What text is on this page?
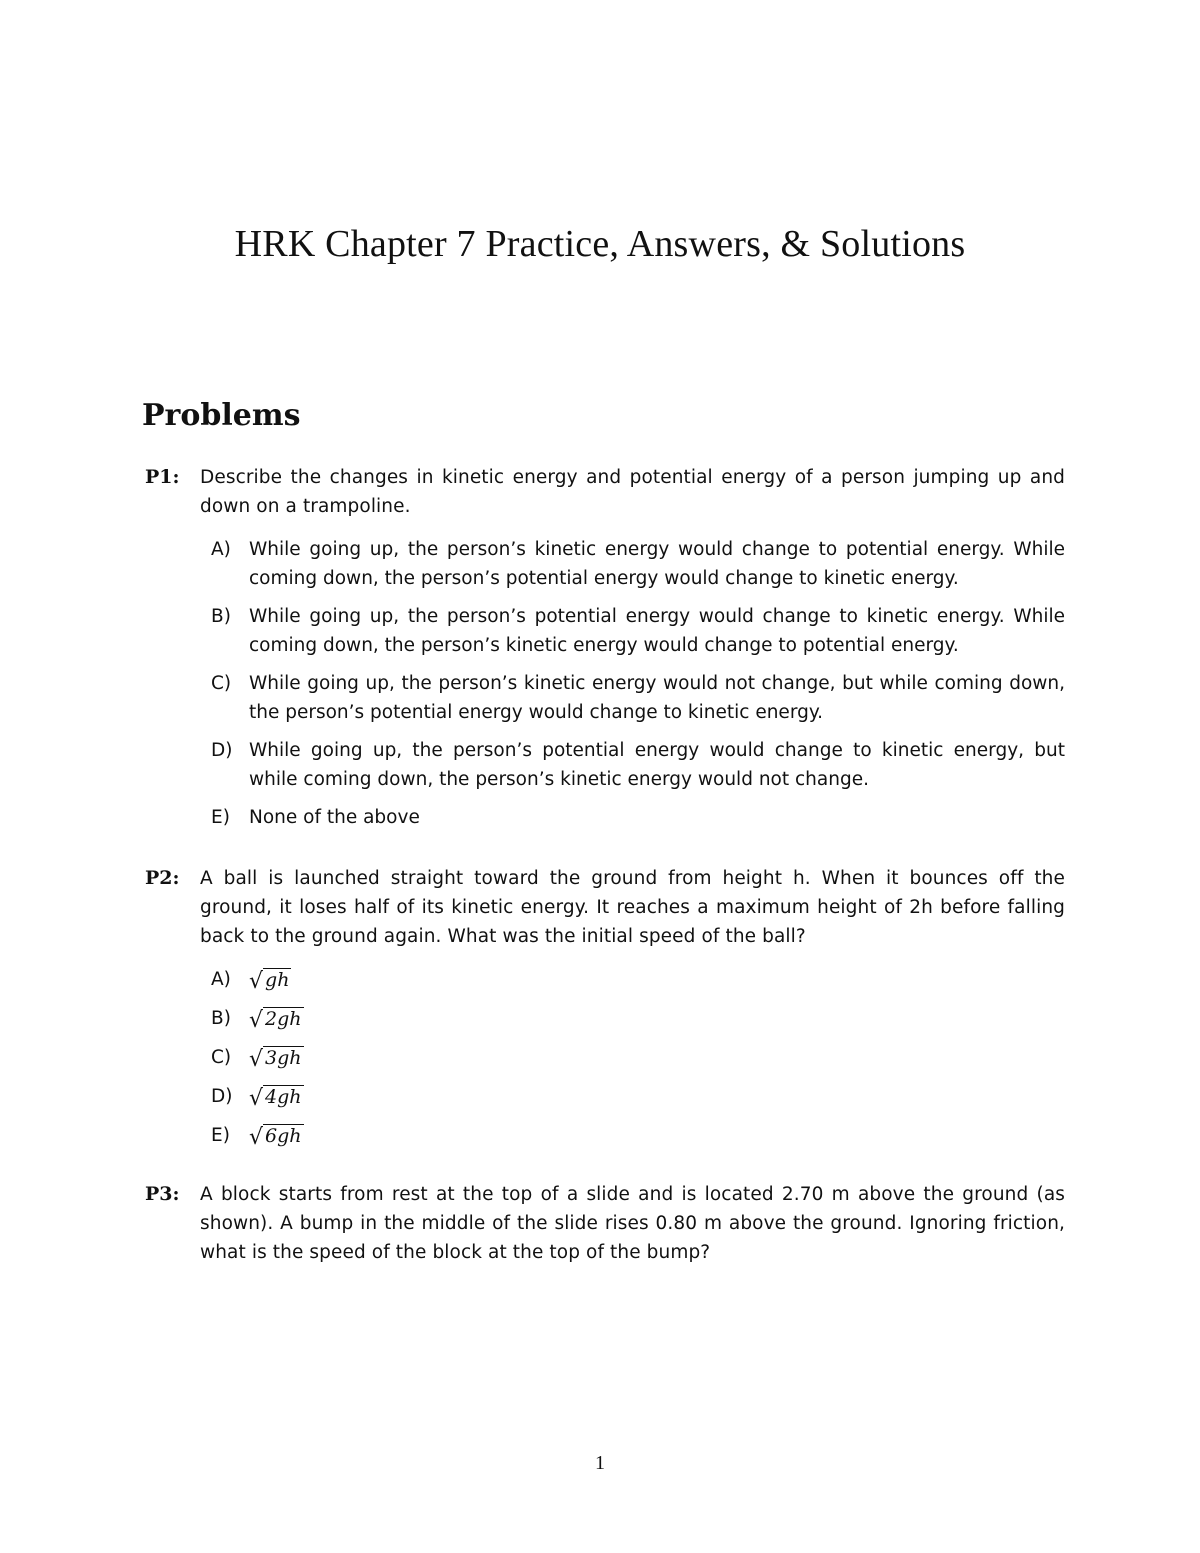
HRK Chapter 7 Practice, Answers, & Solutions
Problems
P1: Describe the changes in kinetic energy and potential energy of a person jumping up and down on a trampoline.
A) While going up, the person’s kinetic energy would change to potential energy. While coming down, the person’s potential energy would change to kinetic energy.
B) While going up, the person’s potential energy would change to kinetic energy. While coming down, the person’s kinetic energy would change to potential energy.
C) While going up, the person’s kinetic energy would not change, but while coming down, the person’s potential energy would change to kinetic energy.
D) While going up, the person’s potential energy would change to kinetic energy, but while coming down, the person’s kinetic energy would not change.
E) None of the above
P2: A ball is launched straight toward the ground from height h. When it bounces off the ground, it loses half of its kinetic energy. It reaches a maximum height of 2h before falling back to the ground again. What was the initial speed of the ball?
A) √ gh
B) √ 2gh
C) √ 3gh
D) √ 4gh
E) √ 6gh
P3: A block starts from rest at the top of a slide and is located 2.70 m above the ground (as shown). A bump in the middle of the slide rises 0.80 m above the ground. Ignoring friction, what is the speed of the block at the top of the bump?
1
